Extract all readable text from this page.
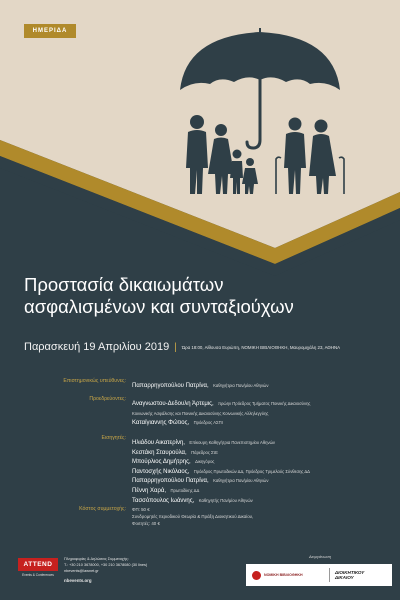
ΗΜΕΡΙΔΑ
Προστασία δικαιωμάτων
ασφαλισμένων και συνταξιούχων
Παρασκευή 19 Απριλίου 2019 | Ώρα 18:00, Αίθουσα Ευρώπη, ΝΟΜΙΚΗ ΒΙΒΛΙΟΘΗΚΗ, Μαυρομιχάλη 23, ΑΘΗΝΑ
Επιστημονικώς υπεύθυνες:
Παπαρρηγοπούλου Πατρίνα, Καθηγήτρια Παν/μίου Αθηνών
Προεδρεύοντες:
Αναγνωστου-Δεδουλη Άρτεμις, πρώην Πρόεδρος Τμήματος Ποινικής Δικαιοσύνης
Κοινωνικής Ασφάλισης και Ποινικής Δικαιοσύνης Κοινωνικής Αλληλεγγύης
Καταϊγιαννης Φώτιος, Πρόεδρος ΑΣΠΙ
Εισηγητές:
Ηλιάδου Αικατερίνη, Επίκουρη Καθηγήτρια Πανεπιστημίου Αθηνών
Κεστάκη Σταυρούλα, Πάρεδρος ΣτΕ
Μπούρλιος Δημήτρης, Δικηγόρος
Παντοσχής Νικόλαος, Πρόεδρος Πρωτοδικών ΔΔ, Πρόεδρος Τριμελούς Σύνθεσης ΔΔ
Παπαρρηγοπούλου Πατρίνα, Καθηγήτρια Παν/μίου Αθηνών
Πέννη Χαρά, Πρωτοδίκης ΔΔ
Τασσόπουλος Ιωάννης, Καθηγητής Παν/μίου Αθηνών
Κόστος συμμετοχής: ΦΠ: 50 €
Συνδρομητές περιοδικού Θεωρία & Πράξη Διοικητικού Δικαίου,
Φοιτητές: 40 €
ATTEND
Events & Conferences
Πληροφορίες & Δηλώσεις Συμμετοχής:
Τ.: +30 210 3678000, +30 210 3678080 (30 lines)
nbevents@lawnet.gr
nbevents.org
Διοργάνωση
ΝΟΜΙΚΗ ΒΙΒΛΙΟΘΗΚΗ	ΔΙΟΙΚΗΤΙΚΟΥ
ΔΙΚΑΙΟΥ
